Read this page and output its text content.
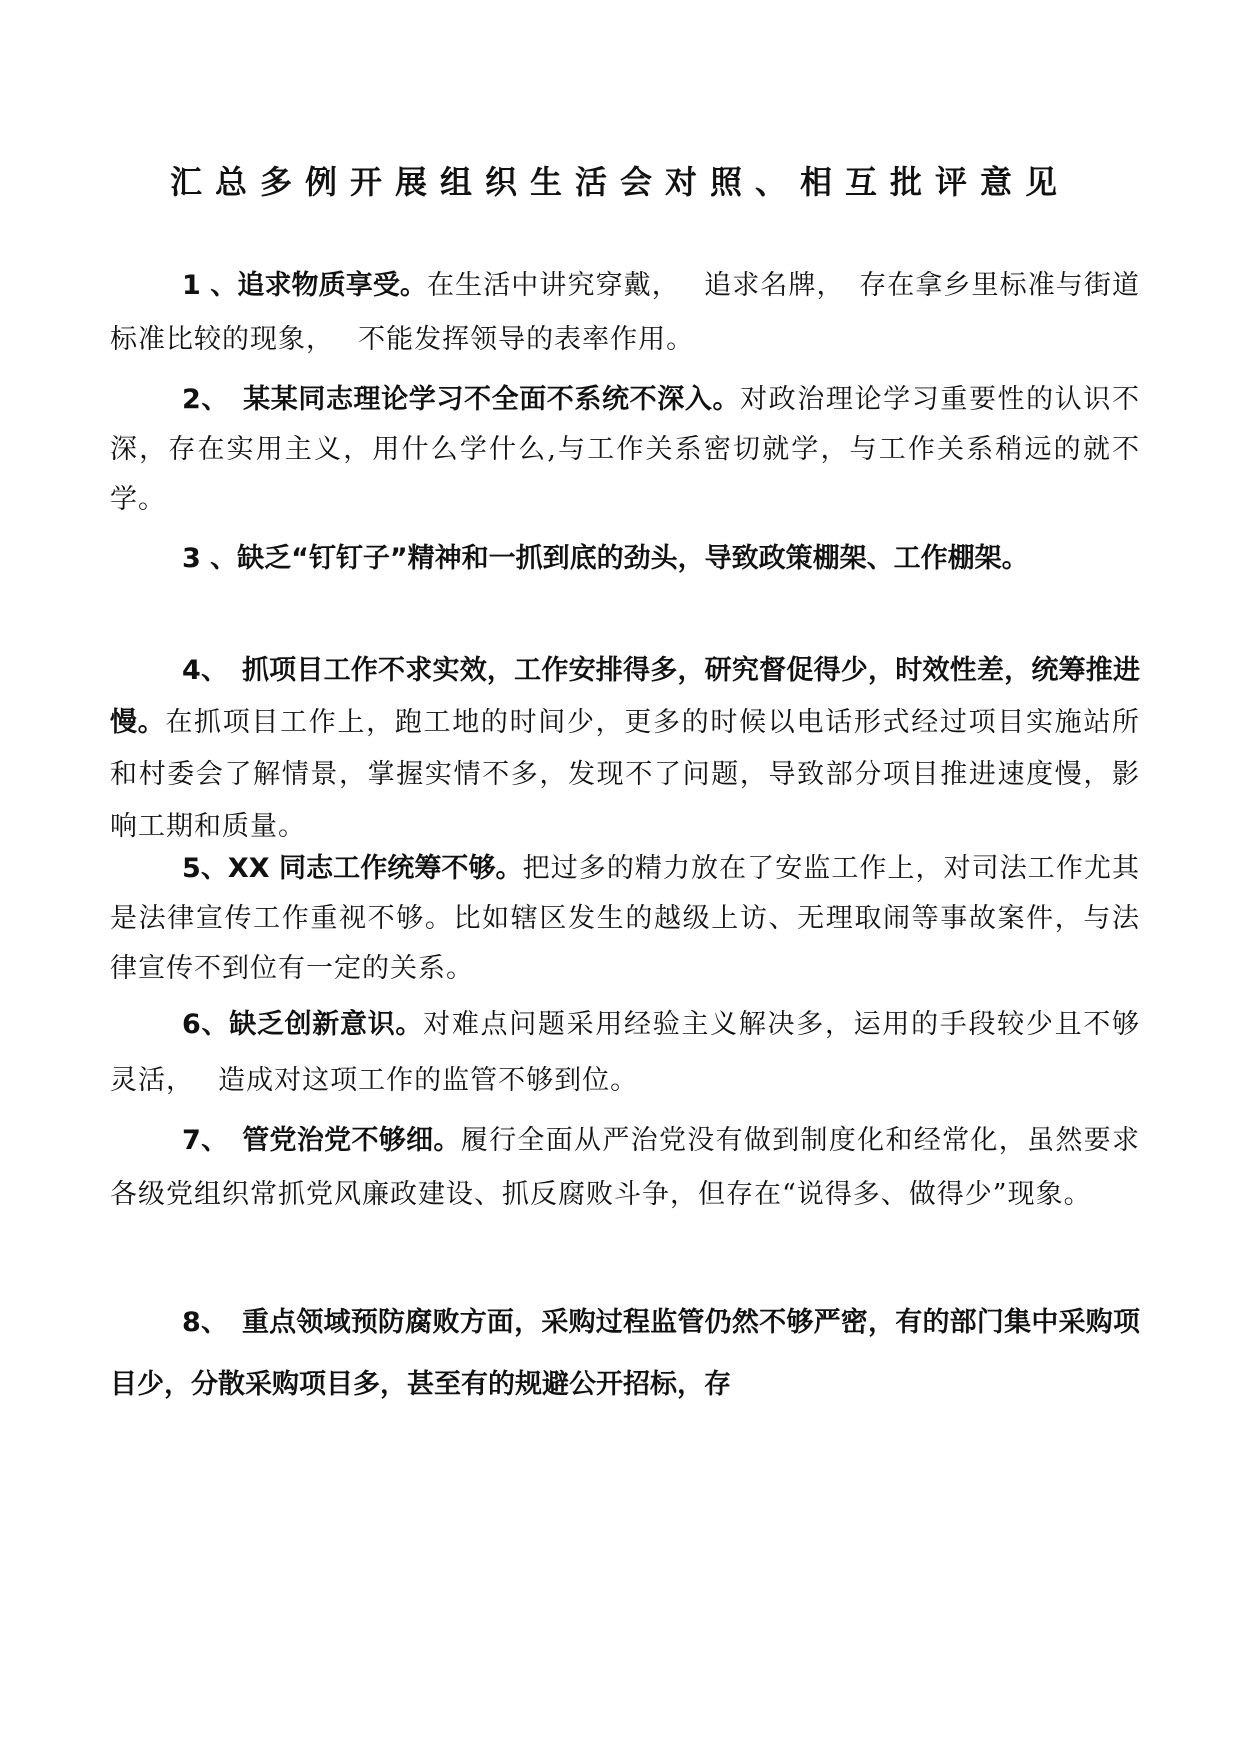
汇总多例开展组织生活会对照、相互批评意见

1 、追求物质享受。在生活中讲究穿戴，　 追求名牌，　存在拿乡里标准与街道标准比较的现象，　 不能发挥领导的表率作用。

2、　某某同志理论学习不全面不系统不深入。对政治理论学习重要性的认识不深，存在实用主义，用什么学什么,与工作关系密切就学，与工作关系稍远的就不学。

3 、缺乏“钉钉子”精神和一抓到底的劲头，导致政策棚架、工作棚架。

4、　抓项目工作不求实效，工作安排得多，研究督促得少，时效性差，统筹推进慢。在抓项目工作上，跑工地的时间少，更多的时候以电话形式经过项目实施站所和村委会了解情景，掌握实情不多，发现不了问题，导致部分项目推进速度慢，影响工期和质量。

5、XX 同志工作统筹不够。把过多的精力放在了安监工作上，对司法工作尤其是法律宣传工作重视不够。比如辖区发生的越级上访、无理取闹等事故案件，与法律宣传不到位有一定的关系。

6、缺乏创新意识。对难点问题采用经验主义解决多，运用的手段较少且不够灵活，　 造成对这项工作的监管不够到位。

7、　管党治党不够细。履行全面从严治党没有做到制度化和经常化，虽然要求各级党组织常抓党风廉政建设、抓反腐败斗争，但存在“说得多、做得少”现象。

8、　重点领域预防腐败方面，采购过程监管仍然不够严密，有的部门集中采购项目少，分散采购项目多，甚至有的规避公开招标，存
